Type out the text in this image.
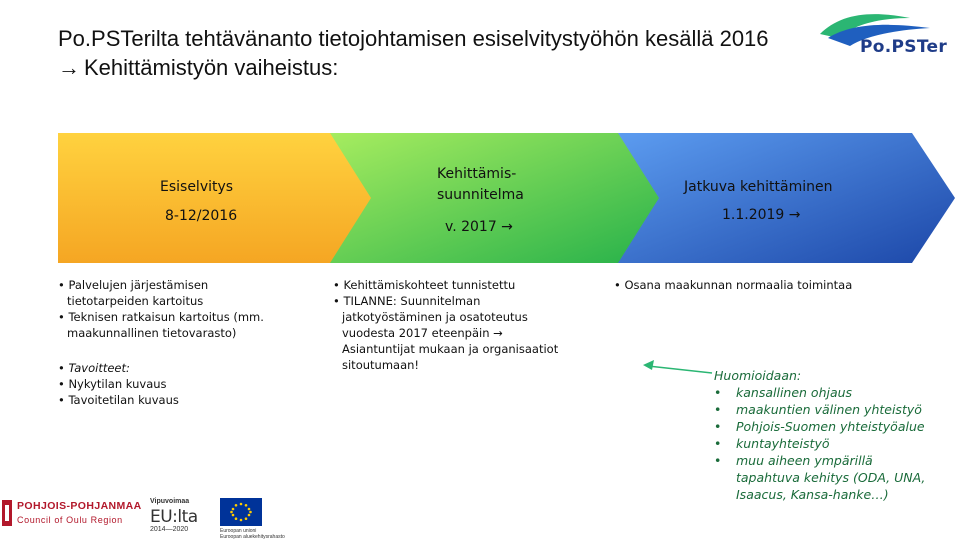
Po.PSTerilta tehtävänanto tietojohtamisen esiselvitystyöhön kesällä 2016
→ Kehittämistyön vaiheistus:
Po.PSTer
Esiselvitys
8-12/2016
Kehittämis-
suunnitelma
v. 2017 →
Jatkuva kehittäminen
1.1.2019 →
• Palvelujen järjestämisen
tietotarpeiden kartoitus
• Teknisen ratkaisun kartoitus (mm.
maakunnallinen tietovarasto)
• Tavoitteet:
• Nykytilan kuvaus
• Tavoitetilan kuvaus
• Kehittämiskohteet tunnistettu
• TILANNE: Suunnitelman
jatkotyöstäminen ja osatoteutus
vuodesta 2017 eteenpäin →
Asiantuntijat mukaan ja organisaatiot
sitoutumaan!
• Osana maakunnan normaalia toimintaa
Huomioidaan:
•	kansallinen ohjaus
•	maakuntien välinen yhteistyö
•	Pohjois-Suomen yhteistyöalue
•	kuntayhteistyö
•	muu aiheen ympärillä tapahtuva kehitys (ODA, UNA, Isaacus, Kansa-hanke…)
POHJOIS-POHJANMAA
Council of Oulu Region
Vipuvoimaa
EU:lta
2014—2020	Euroopan unioni
Euroopan aluekehitysrahasto
